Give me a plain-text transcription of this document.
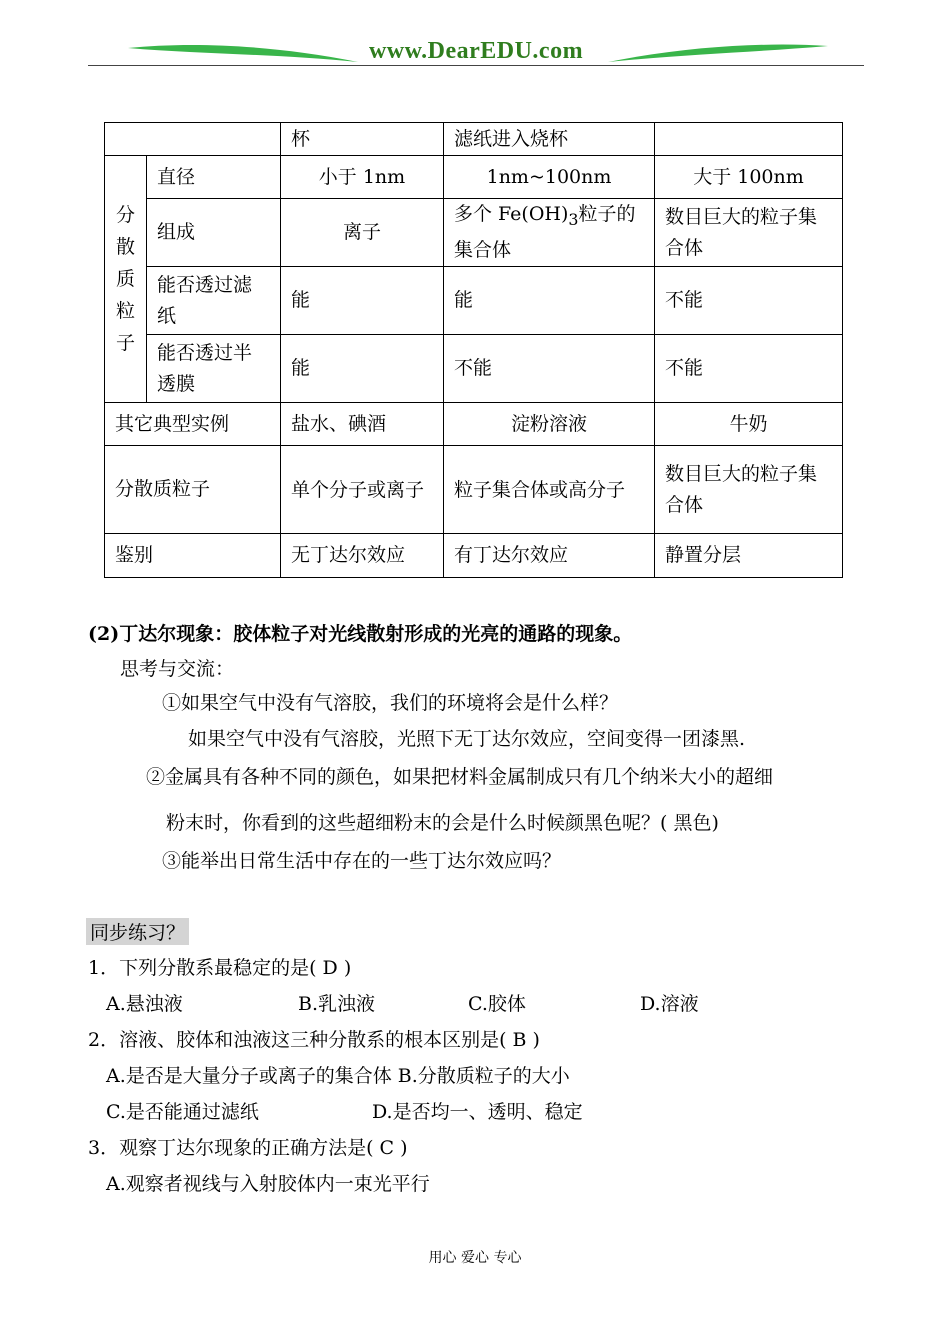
www.DearEDU.com
		杯	滤纸进入烧杯	

分
散
质
粒
子	直径	小于 1nm	1nm~100nm	大于 100nm
	组成	离子	多个 $Fe(OH)_3$粒子的集合体	数目巨大的粒子集合体
	能否透过滤纸	能	能	不能
	能否透过半透膜	能	不能	不能
其它典型实例		盐水、碘酒	淀粉溶液	牛奶
分散质粒子		单个分子或离子	粒子集合体或高分子	数目巨大的粒子集合体
鉴别		无丁达尔效应	有丁达尔效应	静置分层
(2)丁达尔现象：胶体粒子对光线散射形成的光亮的通路的现象。
思考与交流：
①如果空气中没有气溶胶，我们的环境将会是什么样？
如果空气中没有气溶胶，光照下无丁达尔效应，空间变得一团漆黑.
②金属具有各种不同的颜色，如果把材料金属制成只有几个纳米大小的超细
粉末时，你看到的这些超细粉末的会是什么时候颜黑色呢？( 黑色)
③能举出日常生活中存在的一些丁达尔效应吗？
同步练习？
1．下列分散系最稳定的是( D )
A.悬浊液	B.乳浊液	C.胶体	D.溶液
2．溶液、胶体和浊液这三种分散系的根本区别是( B )
A.是否是大量分子或离子的集合体 B.分散质粒子的大小
C.是否能通过滤纸	D.是否均一、透明、稳定
3．观察丁达尔现象的正确方法是( C )
A.观察者视线与入射胶体内一束光平行
用心 爱心 专心
